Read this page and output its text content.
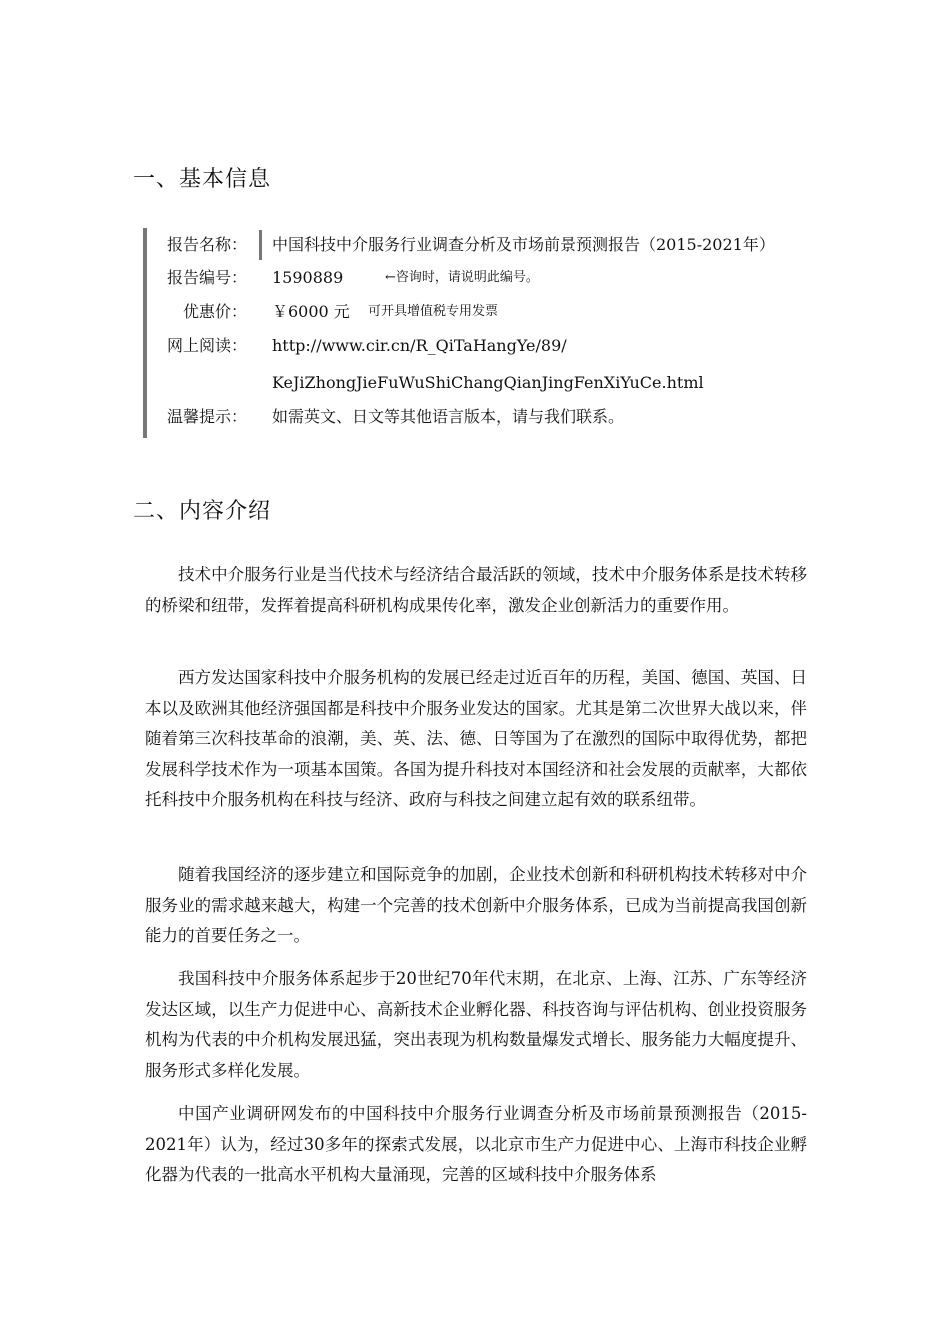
一、基本信息
报告名称： 中国科技中介服务行业调查分析及市场前景预测报告（2015-2021年）
报告编号： 1590889	←咨询时，请说明此编号。
优惠价： ￥6000 元 可开具增值税专用发票
网上阅读： http://www.cir.cn/R_QiTaHangYe/89/
KeJiZhongJieFuWuShiChangQianJingFenXiYuCe.html
温馨提示： 如需英文、日文等其他语言版本，请与我们联系。
二、内容介绍

技术中介服务行业是当代技术与经济结合最活跃的领域，技术中介服务体系是技术转移的桥梁和纽带，发挥着提高科研机构成果传化率，激发企业创新活力的重要作用。

西方发达国家科技中介服务机构的发展已经走过近百年的历程，美国、德国、英国、日本以及欧洲其他经济强国都是科技中介服务业发达的国家。尤其是第二次世界大战以来，伴随着第三次科技革命的浪潮，美、英、法、德、日等国为了在激烈的国际中取得优势，都把发展科学技术作为一项基本国策。各国为提升科技对本国经济和社会发展的贡献率，大都依托科技中介服务机构在科技与经济、政府与科技之间建立起有效的联系纽带。

随着我国经济的逐步建立和国际竞争的加剧，企业技术创新和科研机构技术转移对中介服务业的需求越来越大，构建一个完善的技术创新中介服务体系，已成为当前提高我国创新能力的首要任务之一。

我国科技中介服务体系起步于20世纪70年代末期，在北京、上海、江苏、广东等经济发达区域，以生产力促进中心、高新技术企业孵化器、科技咨询与评估机构、创业投资服务机构为代表的中介机构发展迅猛，突出表现为机构数量爆发式增长、服务能力大幅度提升、服务形式多样化发展。

中国产业调研网发布的中国科技中介服务行业调查分析及市场前景预测报告（2015-2021年）认为，经过30多年的探索式发展，以北京市生产力促进中心、上海市科技企业孵化器为代表的一批高水平机构大量涌现，完善的区域科技中介服务体系
